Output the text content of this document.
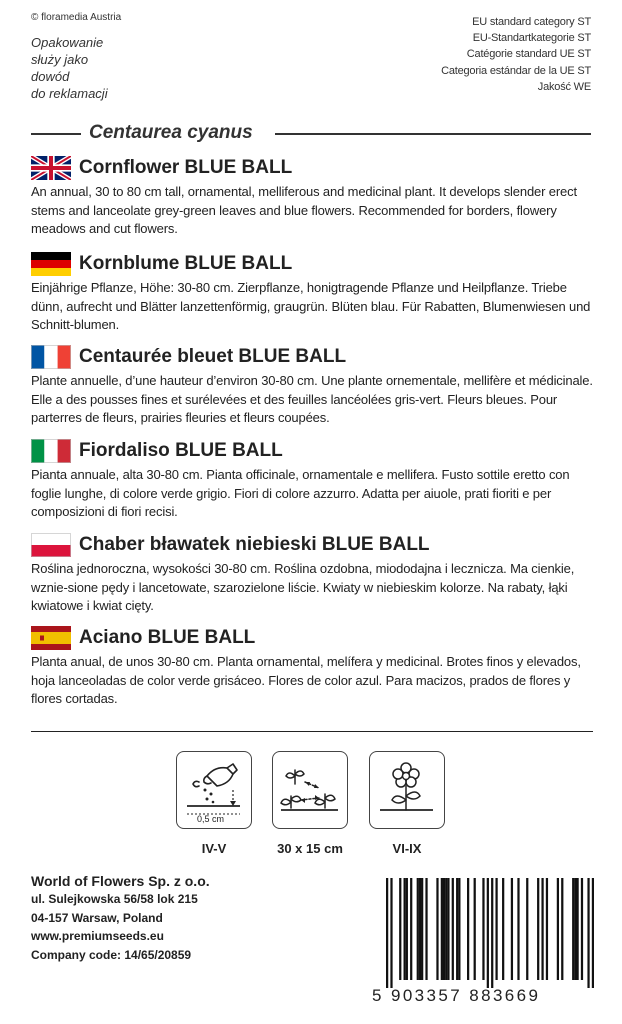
© floramedia Austria
Opakowanie
służy jako
dowód
do reklamacji
EU standard category ST
EU-Standartkategorie ST
Catégorie standard UE ST
Categoria estándar de la UE ST
Jakość WE
Centaurea cyanus
Cornflower BLUE BALL
An annual, 30 to 80 cm tall, ornamental, melliferous and medicinal plant. It develops slender erect stems and lanceolate grey-green leaves and blue flowers. Recommended for borders, flowery meadows and cut flowers.
Kornblume BLUE BALL
Einjährige Pflanze, Höhe: 30-80 cm. Zierpflanze, honigtragende Pflanze und Heilpflanze. Triebe dünn, aufrecht und Blätter lanzettenförmig, graugrün. Blüten blau. Für Rabatten, Blumenwiesen und Schnitt-blumen.
Centaurée bleuet BLUE BALL
Plante annuelle, d’une hauteur d’environ 30-80 cm. Une plante ornementale, mellifère et médicinale. Elle a des pousses fines et surélevées et des feuilles lancéolées gris-vert. Fleurs bleues. Pour parterres de fleurs, prairies fleuries et fleurs coupées.
Fiordaliso BLUE BALL
Pianta annuale, alta 30-80 cm. Pianta officinale, ornamentale e mellifera. Fusto sottile eretto con foglie lunghe, di colore verde grigio. Fiori di colore azzurro. Adatta per aiuole, prati fioriti e per composizioni di fiori recisi.
Chaber bławatek niebieski BLUE BALL
Roślina jednoroczna, wysokości 30-80 cm. Roślina ozdobna, miododajna i lecznicza. Ma cienkie, wznie-sione pędy i lancetowate, szarozielone liście. Kwiaty w niebieskim kolorze. Na rabaty, łąki kwiatowe i kwiat cięty.
Aciano BLUE BALL
Planta anual, de unos 30-80 cm. Planta ornamental, melífera y medicinal. Brotes finos y elevados, hoja lanceoladas de color verde grisáceo. Flores de color azul. Para macizos, prados de flores y flores cortadas.
0,5 cm
IV-V	30 x 15 cm	VI-IX
World of Flowers Sp. z o.o.
ul. Sulejkowska 56/58 lok 215
04-157 Warsaw, Poland
www.premiumseeds.eu
Company code: 14/65/20859
5 903357 883669
